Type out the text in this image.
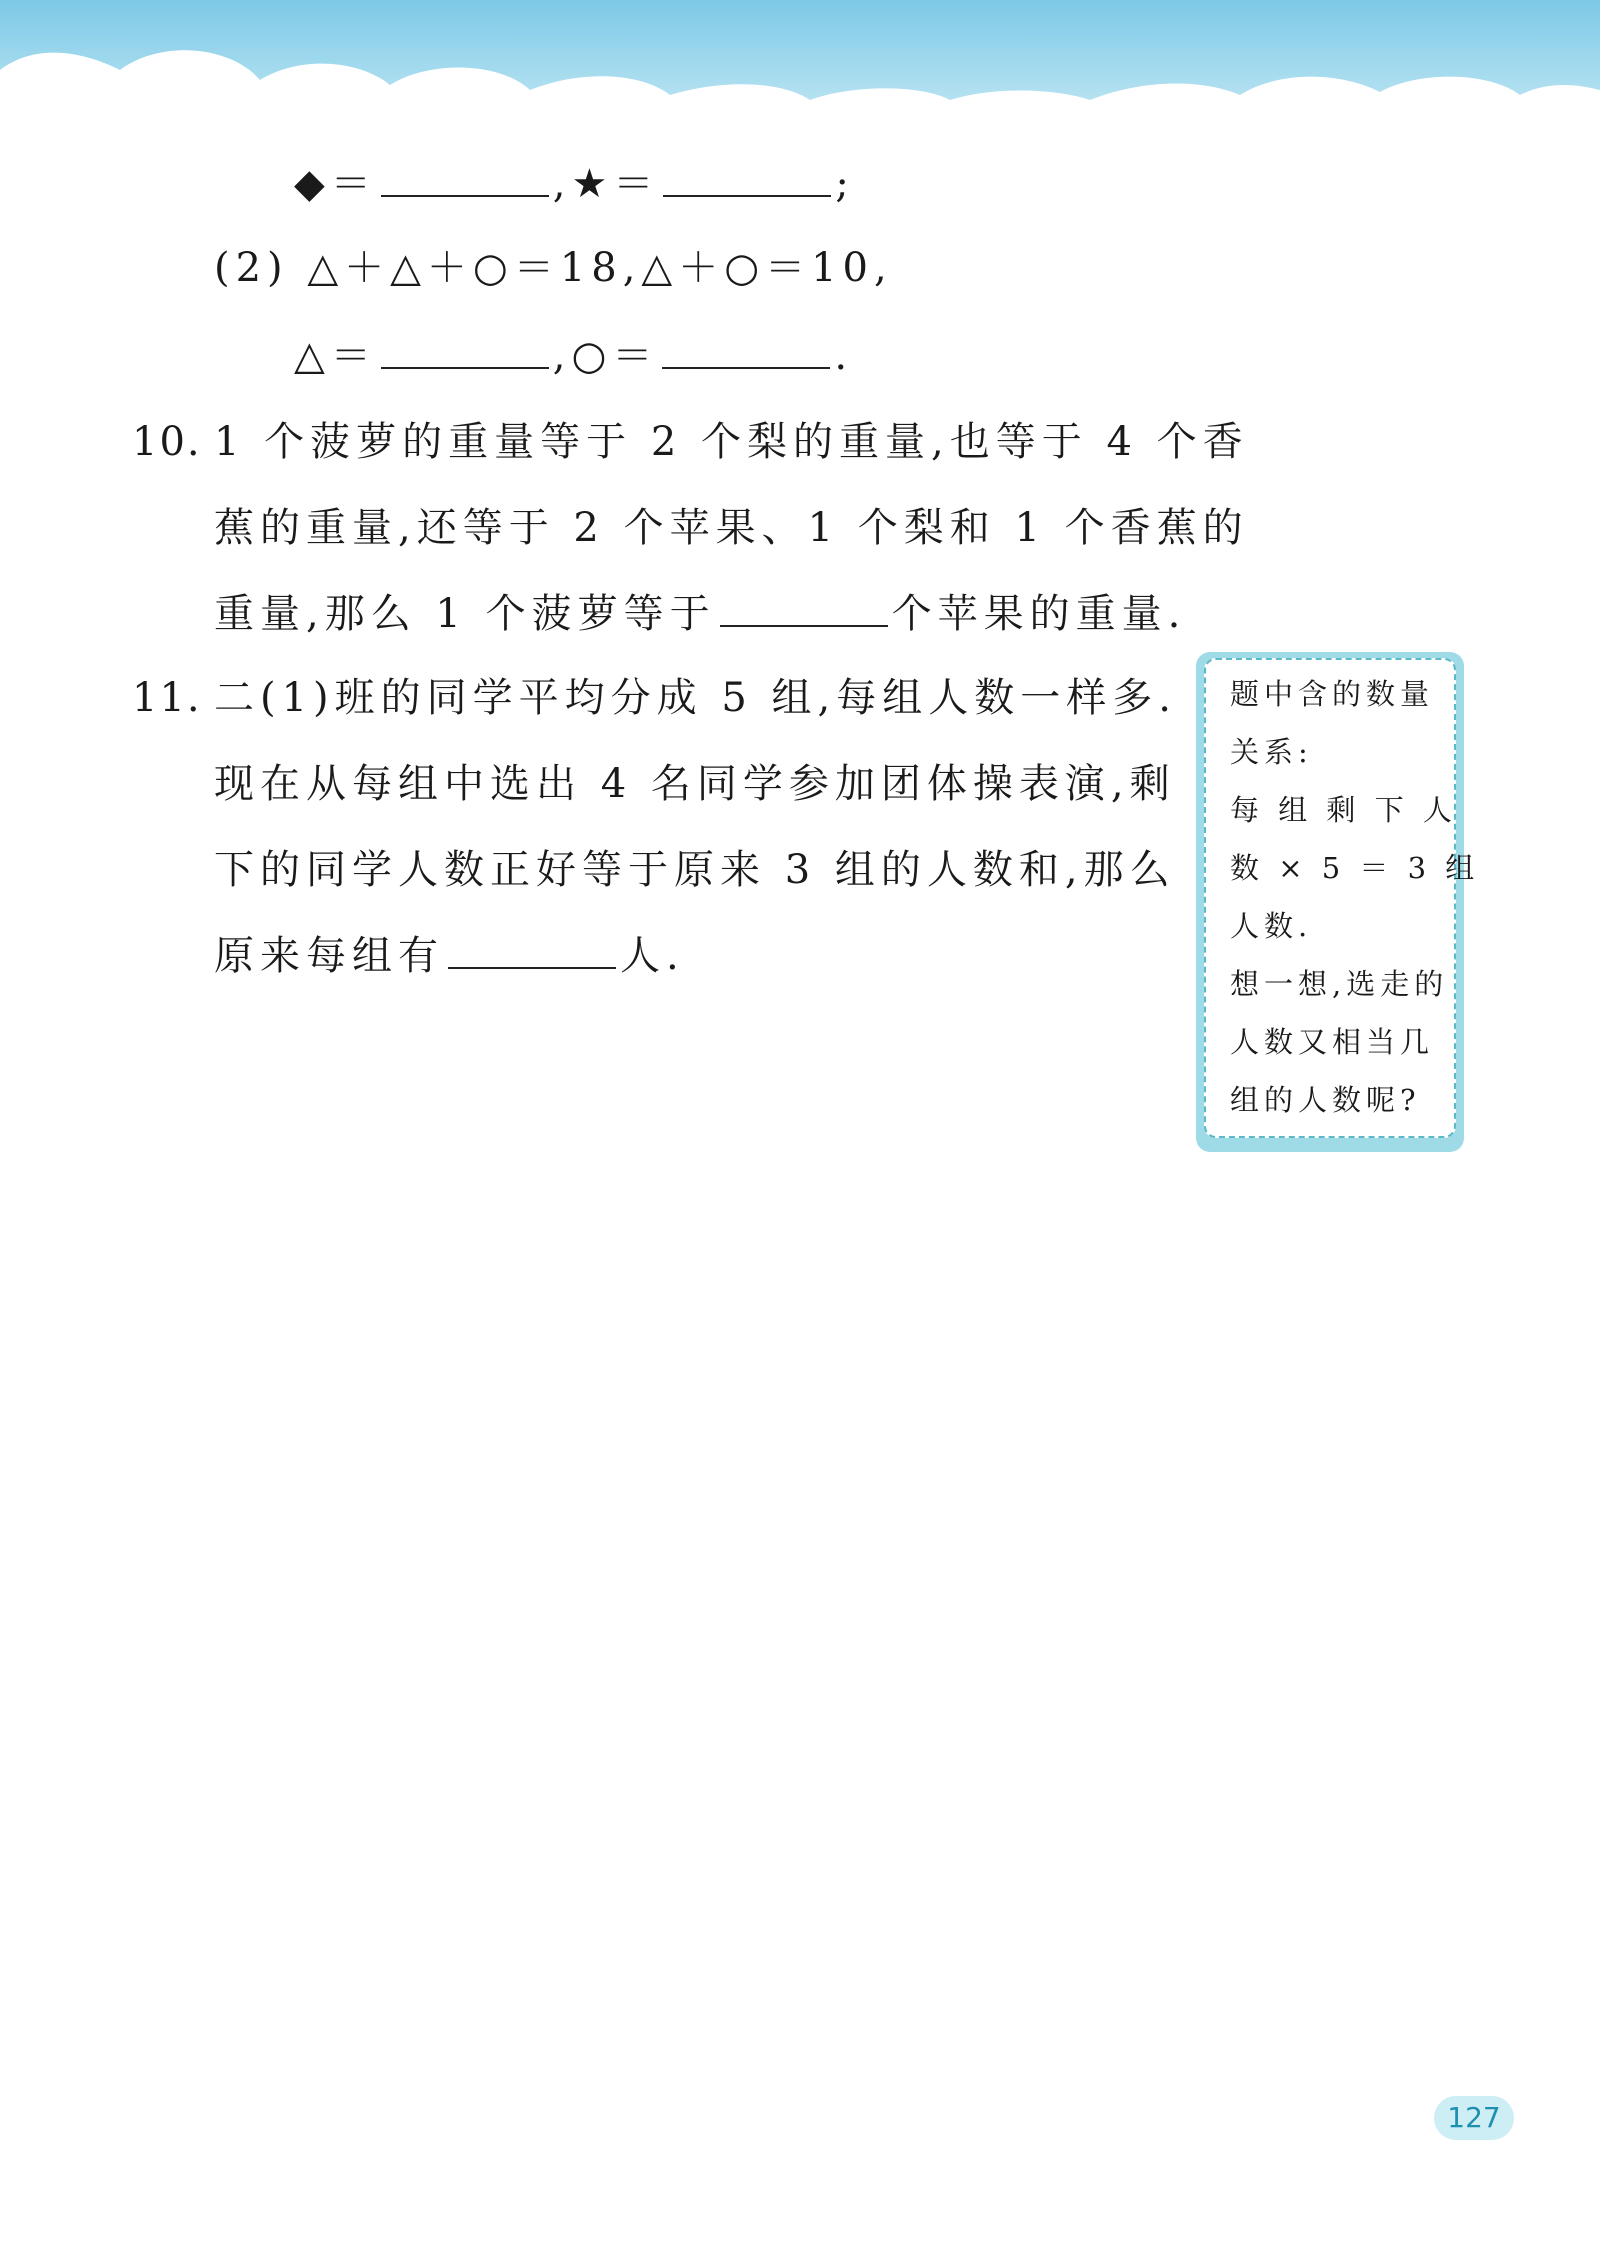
◆＝	,★＝	;
(2) △＋△＋○＝18,△＋○＝10,
△＝	,○＝	.
10. 1 个菠萝的重量等于 2 个梨的重量,也等于 4 个香
蕉的重量,还等于 2 个苹果、1 个梨和 1 个香蕉的
重量,那么 1 个菠萝等于	个苹果的重量.
11. 二(1)班的同学平均分成 5 组,每组人数一样多.
现在从每组中选出 4 名同学参加团体操表演,剩
下的同学人数正好等于原来 3 组的人数和,那么
原来每组有	人.
题中含的数量
关系:
每 组 剩 下 人
数 × 5 ＝ 3 组
人数.
想一想,选走的
人数又相当几
组的人数呢?
127
